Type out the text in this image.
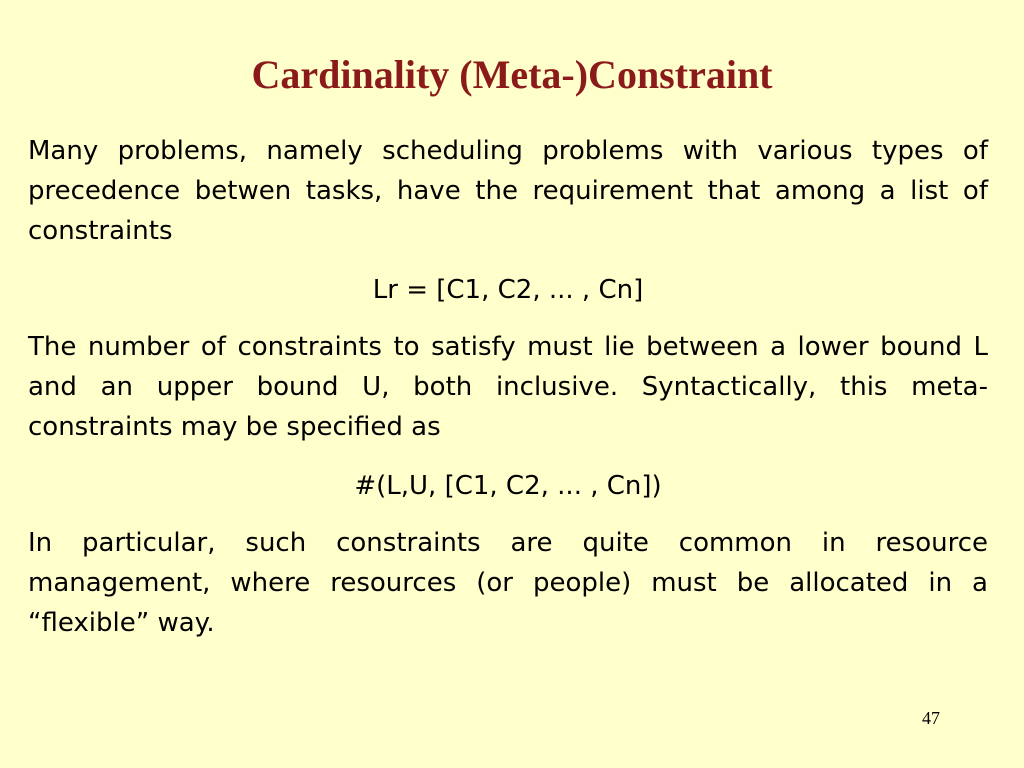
Cardinality (Meta-)Constraint

Many problems, namely scheduling problems with various types of precedence betwen tasks, have the requirement that among a list of constraints

Lr = [C1, C2, ... , Cn]

The number of constraints to satisfy must lie between a lower bound L and an upper bound U, both inclusive. Syntactically, this meta-constraints may be specified as

#(L,U, [C1, C2, ... , Cn])

In particular, such constraints are quite common in resource management, where resources (or people) must be allocated in a “flexible” way.

47
